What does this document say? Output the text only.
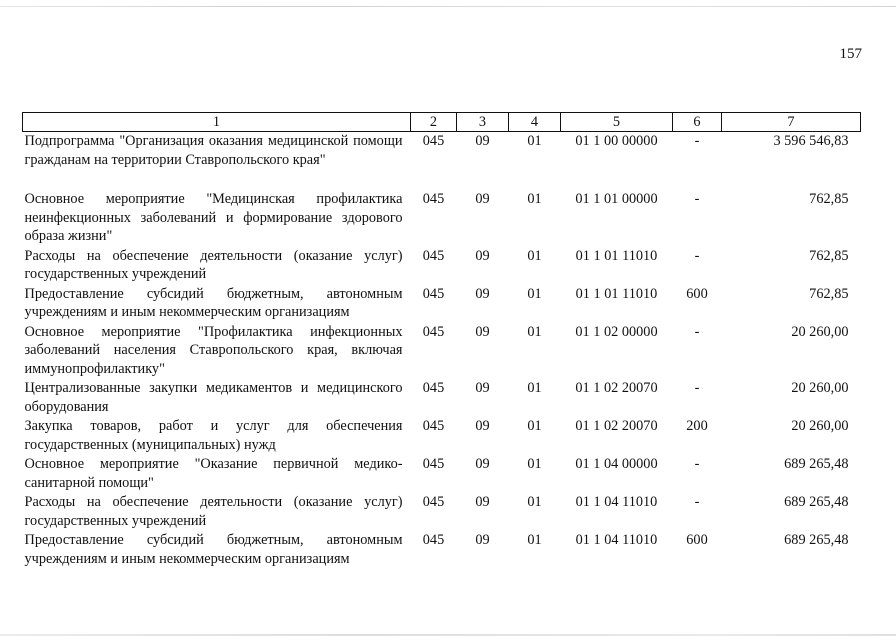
157
1	2	3	4	5	6	7
Подпрограмма "Организация оказания медицинской помощи гражданам на территории Ставропольского края"	045	09	01	01 1 00 00000	-	3 596 546,83
Основное мероприятие "Медицинская профилактика неинфекционных заболеваний и формирование здорового образа жизни"	045	09	01	01 1 01 00000	-	762,85
Расходы на обеспечение деятельности (оказание услуг) государственных учреждений	045	09	01	01 1 01 11010	-	762,85
Предоставление субсидий бюджетным, автономным учреждениям и иным некоммерческим организациям	045	09	01	01 1 01 11010	600	762,85
Основное мероприятие "Профилактика инфекционных заболеваний населения Ставропольского края, включая иммунопрофилактику"	045	09	01	01 1 02 00000	-	20 260,00
Централизованные закупки медикаментов и медицинского оборудования	045	09	01	01 1 02 20070	-	20 260,00
Закупка товаров, работ и услуг для обеспечения государственных (муниципальных) нужд	045	09	01	01 1 02 20070	200	20 260,00
Основное мероприятие "Оказание первичной медико-санитарной помощи"	045	09	01	01 1 04 00000	-	689 265,48
Расходы на обеспечение деятельности (оказание услуг) государственных учреждений	045	09	01	01 1 04 11010	-	689 265,48
Предоставление субсидий бюджетным, автономным учреждениям и иным некоммерческим организациям	045	09	01	01 1 04 11010	600	689 265,48
